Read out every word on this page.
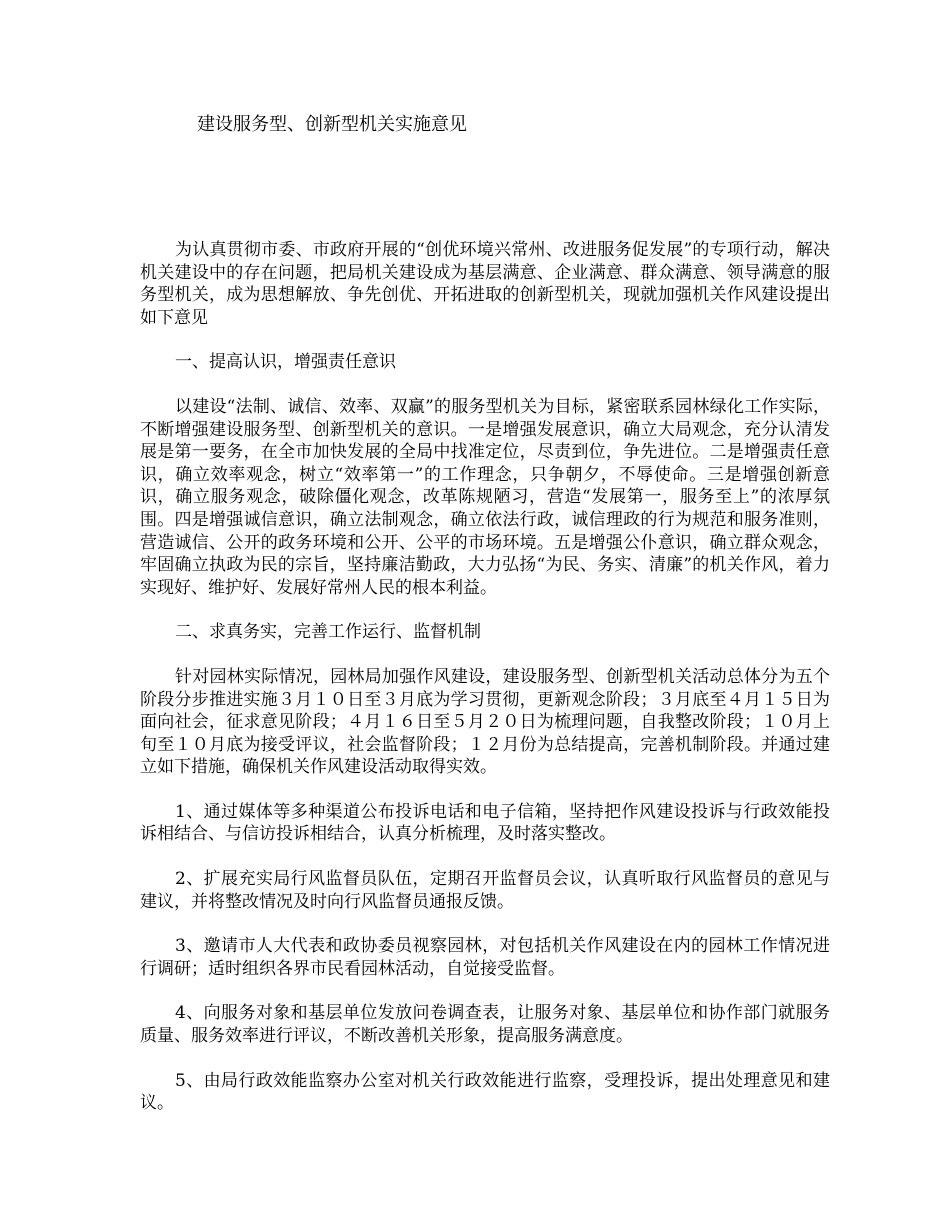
建设服务型、创新型机关实施意见

为认真贯彻市委、市政府开展的“创优环境兴常州、改进服务促发展”的专项行动，解决机关建设中的存在问题，把局机关建设成为基层满意、企业满意、群众满意、领导满意的服务型机关，成为思想解放、争先创优、开拓进取的创新型机关，现就加强机关作风建设提出如下意见

一、提高认识，增强责任意识

以建设“法制、诚信、效率、双赢”的服务型机关为目标，紧密联系园林绿化工作实际，不断增强建设服务型、创新型机关的意识。一是增强发展意识，确立大局观念，充分认清发展是第一要务，在全市加快发展的全局中找准定位，尽责到位，争先进位。二是增强责任意识，确立效率观念，树立“效率第一”的工作理念，只争朝夕，不辱使命。三是增强创新意识，确立服务观念，破除僵化观念，改革陈规陋习，营造“发展第一，服务至上”的浓厚氛围。四是增强诚信意识，确立法制观念，确立依法行政，诚信理政的行为规范和服务准则，营造诚信、公开的政务环境和公开、公平的市场环境。五是增强公仆意识，确立群众观念，牢固确立执政为民的宗旨，坚持廉洁勤政，大力弘扬“为民、务实、清廉”的机关作风，着力实现好、维护好、发展好常州人民的根本利益。

二、求真务实，完善工作运行、监督机制

针对园林实际情况，园林局加强作风建设，建设服务型、创新型机关活动总体分为五个阶段分步推进实施３月１０日至３月底为学习贯彻，更新观念阶段；３月底至４月１５日为面向社会，征求意见阶段；４月１６日至５月２０日为梳理问题，自我整改阶段；１０月上旬至１０月底为接受评议，社会监督阶段；１２月份为总结提高，完善机制阶段。并通过建立如下措施，确保机关作风建设活动取得实效。

1、通过媒体等多种渠道公布投诉电话和电子信箱，坚持把作风建设投诉与行政效能投诉相结合、与信访投诉相结合，认真分析梳理，及时落实整改。

2、扩展充实局行风监督员队伍，定期召开监督员会议，认真听取行风监督员的意见与建议，并将整改情况及时向行风监督员通报反馈。

3、邀请市人大代表和政协委员视察园林，对包括机关作风建设在内的园林工作情况进行调研；适时组织各界市民看园林活动，自觉接受监督。

4、向服务对象和基层单位发放问卷调查表，让服务对象、基层单位和协作部门就服务质量、服务效率进行评议，不断改善机关形象，提高服务满意度。

5、由局行政效能监察办公室对机关行政效能进行监察，受理投诉，提出处理意见和建议。
